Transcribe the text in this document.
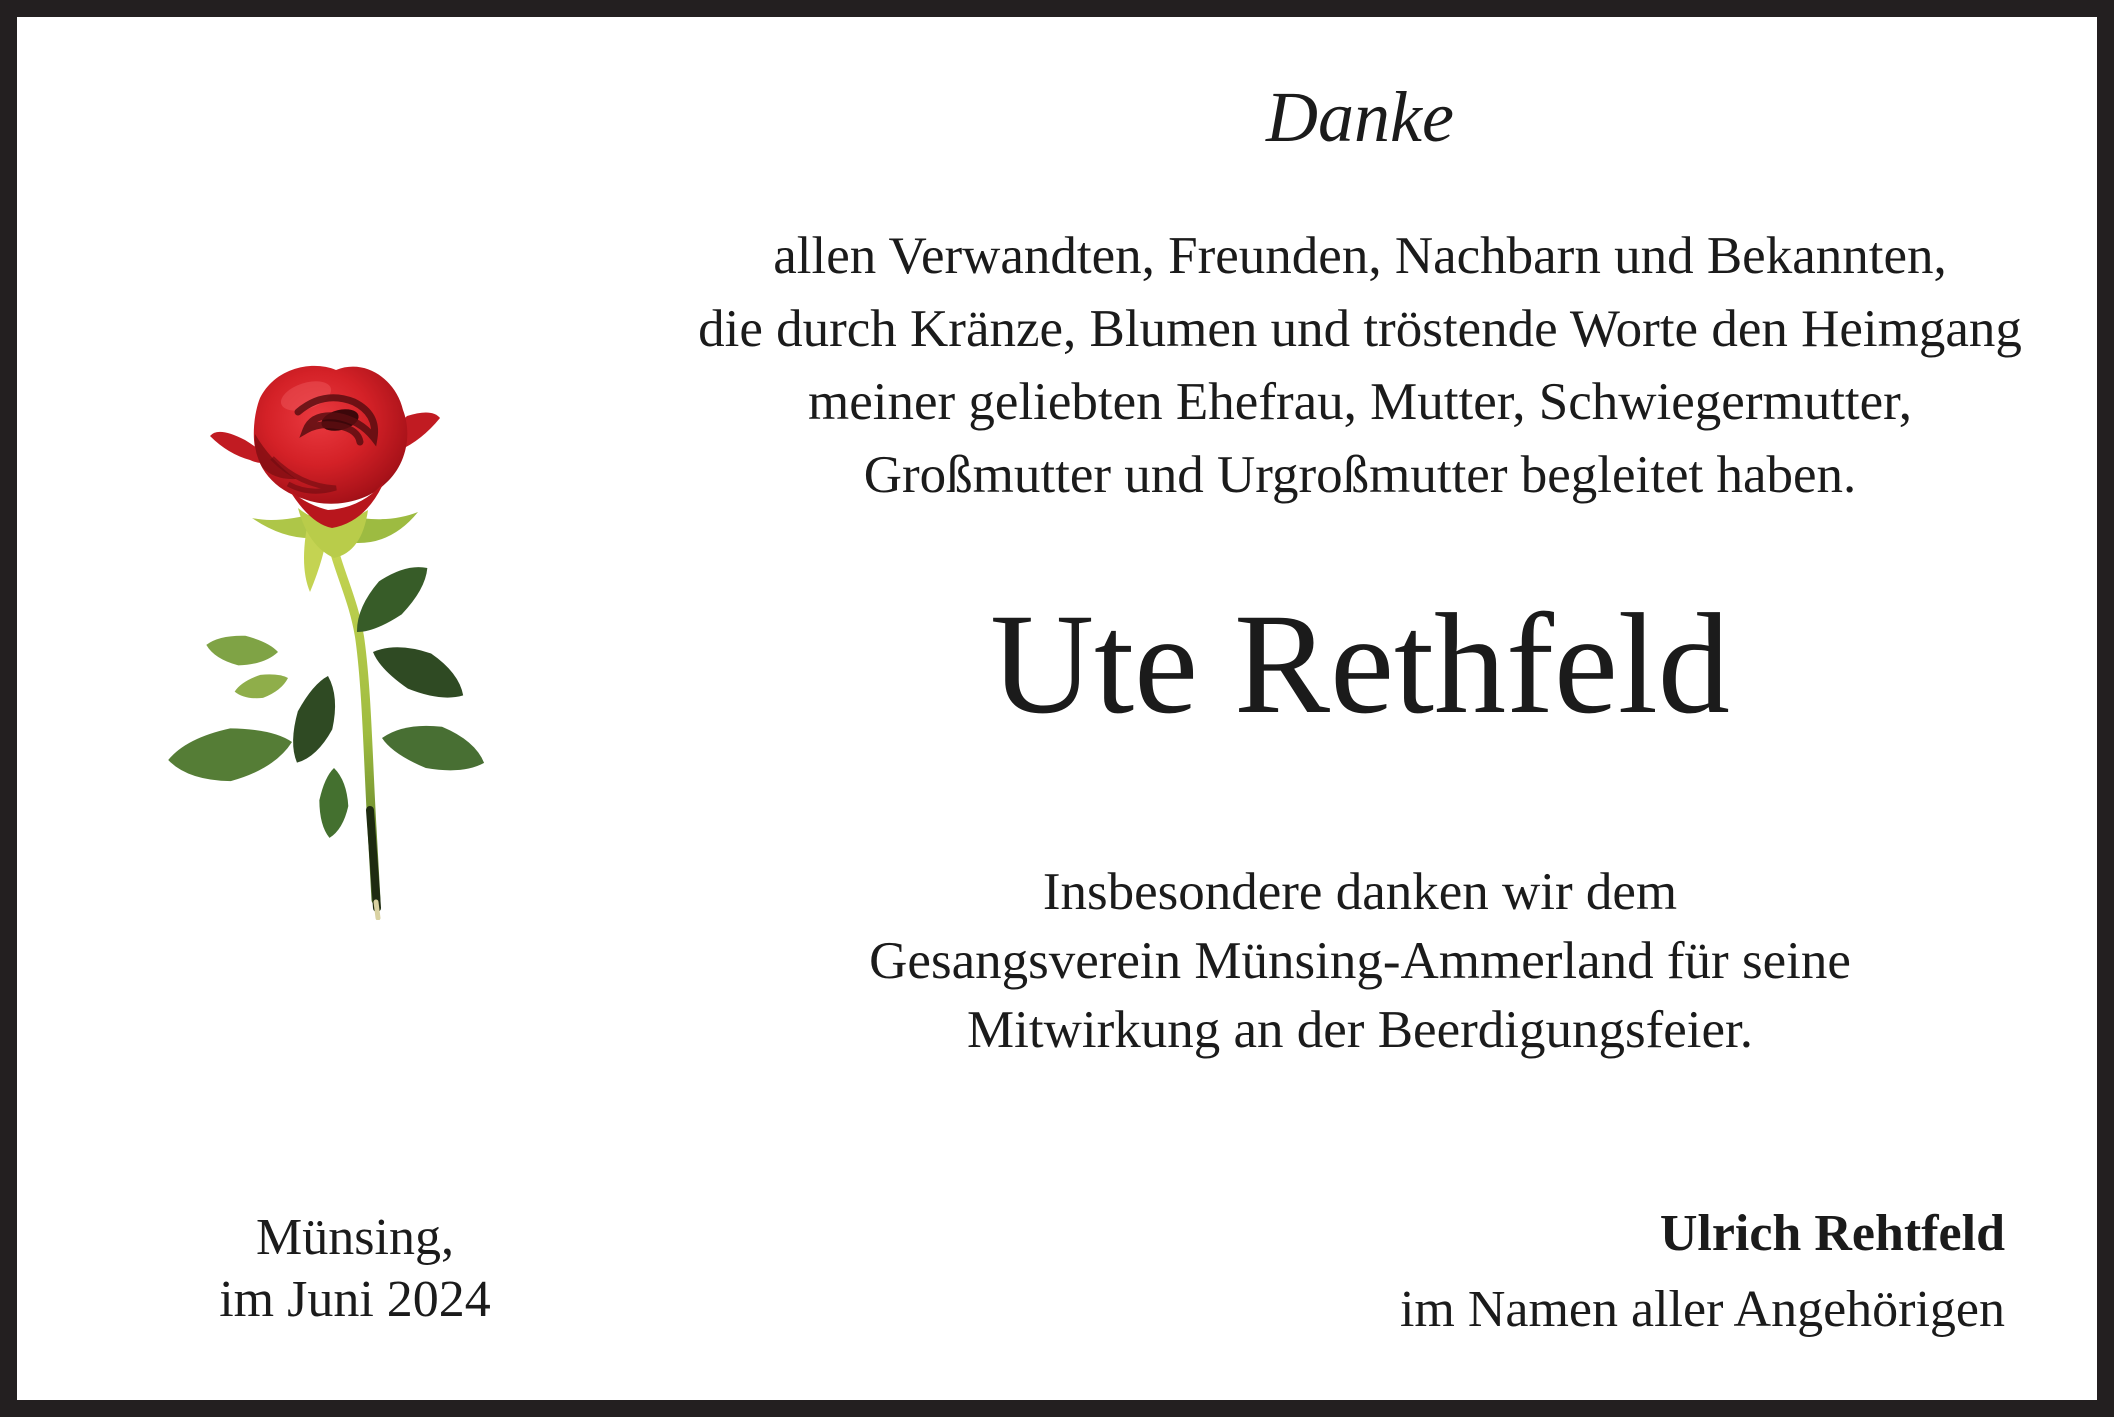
Danke
allen Verwandten, Freunden, Nachbarn und Bekannten,
die durch Kränze, Blumen und tröstende Worte den Heimgang
meiner geliebten Ehefrau, Mutter, Schwiegermutter,
Großmutter und Urgroßmutter begleitet haben.
Ute Rethfeld
Insbesondere danken wir dem
Gesangsverein Münsing-Ammerland für seine
Mitwirkung an der Beerdigungsfeier.
Münsing,
im Juni 2024
Ulrich Rehtfeld
im Namen aller Angehörigen
